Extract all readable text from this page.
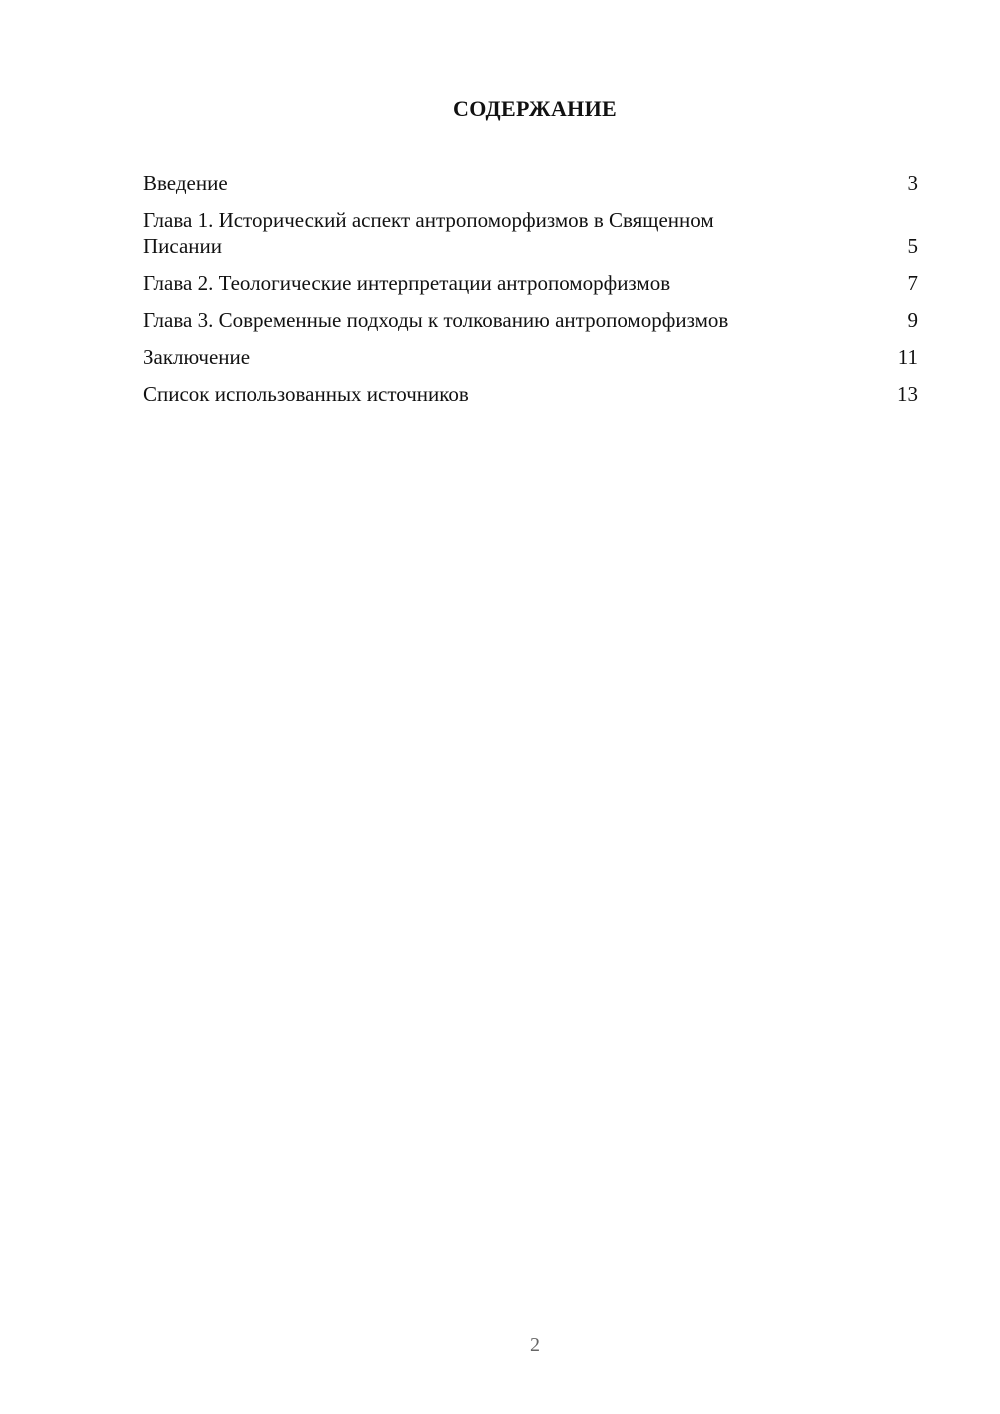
СОДЕРЖАНИЕ
Введение	3
Глава 1. Исторический аспект антропоморфизмов в Священном Писании	5
Глава 2. Теологические интерпретации антропоморфизмов	7
Глава 3. Современные подходы к толкованию антропоморфизмов	9
Заключение	11
Список использованных источников	13
2
